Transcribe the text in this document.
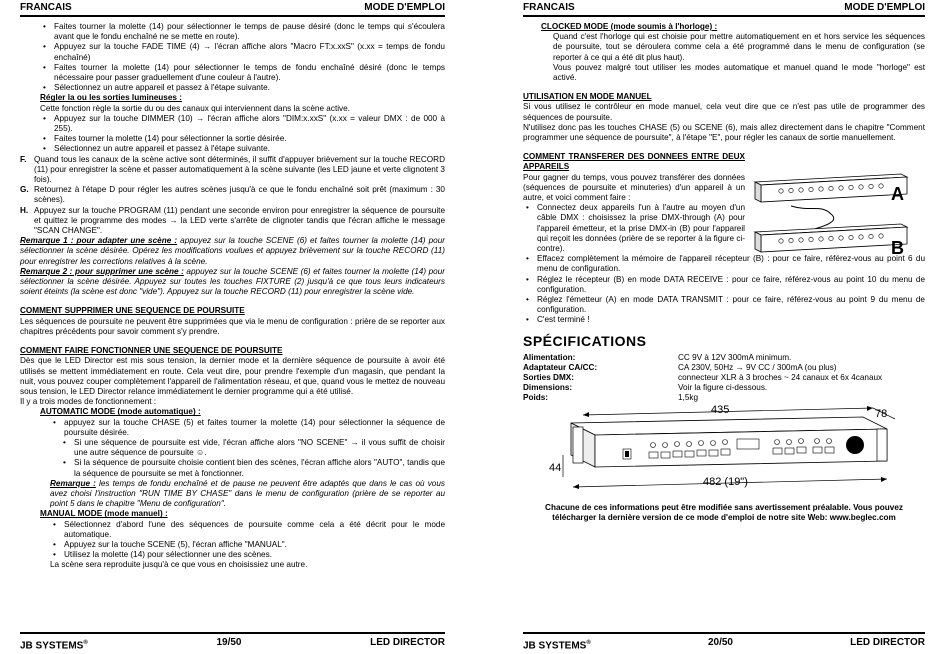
FRANCAIS	MODE D'EMPLOI
• Faites tourner la molette (14) pour sélectionner le temps de pause désiré (donc le temps qui s'écoulera avant que le fondu enchaîné ne se mette en route).
• Appuyez sur la touche FADE TIME (4) → l'écran affiche alors "Macro FT:x.xxS" (x.xx = temps de fondu enchaîné)
• Faites tourner la molette (14) pour sélectionner le temps de fondu enchaîné désiré (donc le temps nécessaire pour passer graduellement d'une couleur à l'autre).
• Sélectionnez un autre appareil et passez à l'étape suivante.

Régler la ou les sorties lumineuses :

Cette fonction règle la sortie du ou des canaux qui interviennent dans la scène active.

• Appuyez sur la touche DIMMER (10) → l'écran affiche alors "DIM:x.xxS" (x.xx = valeur DMX : de 000 à 255).
• Faites tourner la molette (14) pour sélectionner la sortie désirée.
• Sélectionnez un autre appareil et passez à l'étape suivante.
F. Quand tous les canaux de la scène active sont déterminés, il suffit d'appuyer brièvement sur la touche RECORD (11) pour enregistrer la scène et passer automatiquement à la scène suivante (les LED jaune et verte clignotent 3 fois).
G. Retournez à l'étape D pour régler les autres scènes jusqu'à ce que le fondu enchaîné soit prêt (maximum : 30 scènes).
H. Appuyez sur la touche PROGRAM (11) pendant une seconde environ pour enregistrer la séquence de poursuite et quittez le programme des modes → la LED verte s'arrête de clignoter tandis que l'écran affiche le message "SCAN CHANGE".

Remarque 1 : pour adapter une scène : appuyez sur la touche SCENE (6) et faites tourner la molette (14) pour sélectionner la scène désirée. Opérez les modifications voulues et appuyez brièvement sur la touche RECORD (11) pour enregistrer les corrections relatives à la scène.

Remarque 2 : pour supprimer une scène : appuyez sur la touche SCENE (6) et faites tourner la molette (14) pour sélectionner la scène désirée. Appuyez sur toutes les touches FIXTURE (2) jusqu'à ce que tous leurs indicateurs soient éteints (la scène est donc "vide"). Appuyez sur la touche RECORD (11) pour enregistrer la scène vide.

COMMENT SUPPRIMER UNE SEQUENCE DE POURSUITE

Les séquences de poursuite ne peuvent être supprimées que via le menu de configuration : prière de se reporter aux chapitres précédents pour savoir comment s'y prendre.

COMMENT FAIRE FONCTIONNER UNE SEQUENCE DE POURSUITE

Dès que le LED Director est mis sous tension, la dernier mode et la dernière séquence de poursuite à avoir été utilisés se mettent immédiatement en route. Cela veut dire, pour prendre l'exemple d'un magasin, que pendant la nuit, vous pouvez couper complètement l'appareil de l'alimentation réseau, et que, quand vous le mettez de nouveau sous tension, le LED Director relance immédiatement le dernier programme qui a été utilisé.

Il y a trois modes de fonctionnement :

AUTOMATIC MODE (mode automatique) :

• appuyez sur la touche CHASE (5) et faites tourner la molette (14) pour sélectionner la séquence de poursuite désirée.
• Si une séquence de poursuite est vide, l'écran affiche alors "NO SCENE" → il vous suffit de choisir une autre séquence de poursuite ☺.
• Si la séquence de poursuite choisie contient bien des scènes, l'écran affiche alors "AUTO", tandis que la séquence de poursuite se met à fonctionner.

Remarque : les temps de fondu enchaîné et de pause ne peuvent être adaptés que dans le cas où vous avez choisi l'instruction "RUN TIME BY CHASE" dans le menu de configuration (prière de se reporter au point 5 dans le chapitre "Menu de configuration".

MANUAL MODE (mode manuel) :

• Sélectionnez d'abord l'une des séquences de poursuite comme cela a été décrit pour le mode automatique.
• Appuyez sur la touche SCENE (5), l'écran affiche "MANUAL".
• Utilisez la molette (14) pour sélectionner une des scènes.

La scène sera reproduite jusqu'à ce que vous en choisissiez une autre.

JB SYSTEMS®	19/50	LED DIRECTOR
FRANCAIS	MODE D'EMPLOI

CLOCKED MODE (mode soumis à l'horloge) :

Quand c'est l'horloge qui est choisie pour mettre automatiquement en et hors service les séquences de poursuite, tout se déroulera comme cela a été programmé dans le menu de configuration (se reporter à ce qui a été dit plus haut).

Vous pouvez malgré tout utiliser les modes automatique et manuel quand le mode "horloge" est activé.

UTILISATION EN MODE MANUEL

Si vous utilisez le contrôleur en mode manuel, cela veut dire que ce n'est pas utile de programmer des séquences de poursuite.

N'utilisez donc pas les touches CHASE (5) ou SCENE (6), mais allez directement dans le chapitre "Comment programmer une séquence de poursuite", à l'étape "E", pour régler les canaux de sortie manuellement.

COMMENT TRANSFERER DES DONNEES ENTRE DEUX APPAREILS

Pour gagner du temps, vous pouvez transférer des données (séquences de poursuite et minuteries) d'un appareil à un autre, et voici comment faire :

• Connectez deux appareils l'un à l'autre au moyen d'un câble DMX : choisissez la prise DMX-through (A) pour l'appareil émetteur, et la prise DMX-in (B) pour l'appareil qui reçoit les données (prière de se reporter à la figure ci-contre).
A
B
• Effacez complètement la mémoire de l'appareil récepteur (B) : pour ce faire, référez-vous au point 6 du menu de configuration.
• Réglez le récepteur (B) en mode DATA RECEIVE : pour ce faire, référez-vous au point 10 du menu de configuration.
• Réglez l'émetteur (A) en mode DATA TRANSMIT : pour ce faire, référez-vous au point 9 du menu de configuration.
• C'est terminé !
SPÉCIFICATIONS
Alimentation:	CC 9V à 12V 300mA minimum.
Adaptateur CA/CC:	CA 230V, 50Hz → 9V CC / 300mA (ou plus)
Sorties DMX:	connecteur XLR à 3 broches ~ 24 canaux et 6x 4canaux
Dimensions:	Voir la figure ci-dessous.
Poids:	1,5kg
435	78
44
482 (19")

Chacune de ces informations peut être modifiée sans avertissement préalable. Vous pouvez télécharger la dernière version de ce mode d'emploi de notre site Web: www.beglec.com

JB SYSTEMS®	20/50	LED DIRECTOR
